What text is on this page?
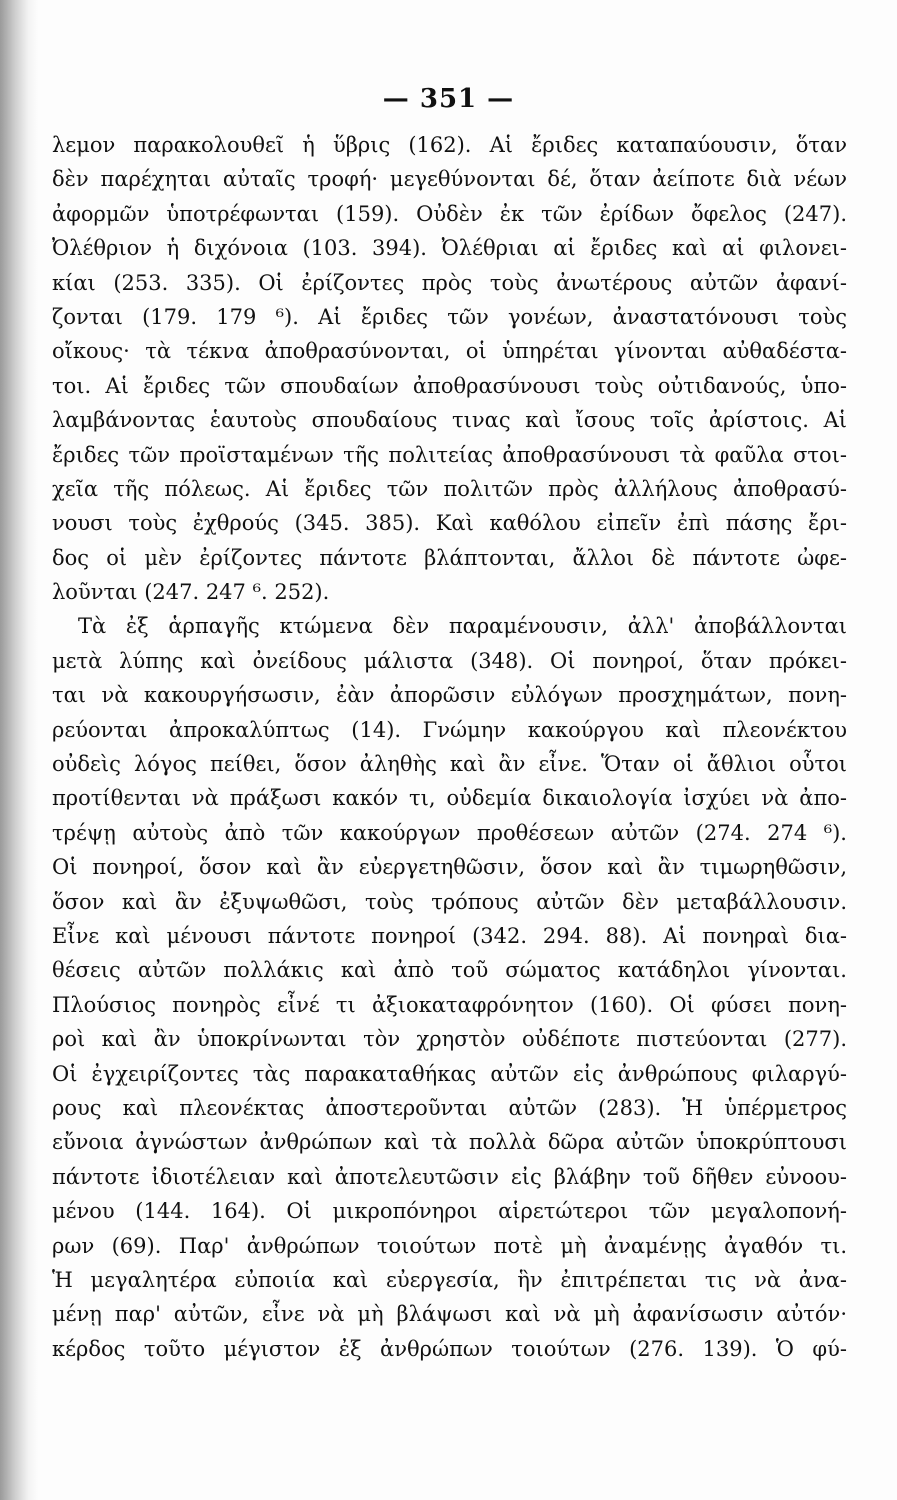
— 351 —
λεμον παρακολουθεῖ ἡ ὕβρις (162). Αἱ ἔριδες καταπαύουσιν, ὅταν
δὲν παρέχηται αὐταῖς τροφή· μεγεθύνονται δέ, ὅταν ἀείποτε διὰ νέων
ἀφορμῶν ὑποτρέφωνται (159). Οὐδὲν ἐκ τῶν ἐρίδων ὄφελος (247).
Ὀλέθριον ἡ διχόνοια (103. 394). Ὀλέθριαι αἱ ἔριδες καὶ αἱ φιλονει-
κίαι (253. 335). Οἱ ἐρίζοντες πρὸς τοὺς ἀνωτέρους αὐτῶν ἀφανί-
ζονται (179. 179 ⁶). Αἱ ἔριδες τῶν γονέων, ἀναστατόνουσι τοὺς
οἴκους· τὰ τέκνα ἀποθρασύνονται, οἱ ὑπηρέται γίνονται αὐθαδέστα-
τοι. Αἱ ἔριδες τῶν σπουδαίων ἀποθρασύνουσι τοὺς οὐτιδανούς, ὑπο-
λαμβάνοντας ἑαυτοὺς σπουδαίους τινας καὶ ἴσους τοῖς ἀρίστοις. Αἱ
ἔριδες τῶν προϊσταμένων τῆς πολιτείας ἀποθρασύνουσι τὰ φαῦλα στοι-
χεῖα τῆς πόλεως. Αἱ ἔριδες τῶν πολιτῶν πρὸς ἀλλήλους ἀποθρασύ-
νουσι τοὺς ἐχθρούς (345. 385). Καὶ καθόλου εἰπεῖν ἐπὶ πάσης ἔρι-
δος οἱ μὲν ἐρίζοντες πάντοτε βλάπτονται, ἄλλοι δὲ πάντοτε ὠφε-
λοῦνται (247. 247 ⁶. 252).
Τὰ ἐξ ἁρπαγῆς κτώμενα δὲν παραμένουσιν, ἀλλ' ἀποβάλλονται
μετὰ λύπης καὶ ὀνείδους μάλιστα (348). Οἱ πονηροί, ὅταν πρόκει-
ται νὰ κακουργήσωσιν, ἐὰν ἀπορῶσιν εὐλόγων προσχημάτων, πονη-
ρεύονται ἀπροκαλύπτως (14). Γνώμην κακούργου καὶ πλεονέκτου
οὐδεὶς λόγος πείθει, ὅσον ἀληθὴς καὶ ἂν εἶνε. Ὅταν οἱ ἄθλιοι οὗτοι
προτίθενται νὰ πράξωσι κακόν τι, οὐδεμία δικαιολογία ἰσχύει νὰ ἀπο-
τρέψῃ αὐτοὺς ἀπὸ τῶν κακούργων προθέσεων αὐτῶν (274. 274 ⁶).
Οἱ πονηροί, ὅσον καὶ ἂν εὐεργετηθῶσιν, ὅσον καὶ ἂν τιμωρηθῶσιν,
ὅσον καὶ ἂν ἐξυψωθῶσι, τοὺς τρόπους αὐτῶν δὲν μεταβάλλουσιν.
Εἶνε καὶ μένουσι πάντοτε πονηροί (342. 294. 88). Αἱ πονηραὶ δια-
θέσεις αὐτῶν πολλάκις καὶ ἀπὸ τοῦ σώματος κατάδηλοι γίνονται.
Πλούσιος πονηρὸς εἶνέ τι ἀξιοκαταφρόνητον (160). Οἱ φύσει πονη-
ροὶ καὶ ἂν ὑποκρίνωνται τὸν χρηστὸν οὐδέποτε πιστεύονται (277).
Οἱ ἐγχειρίζοντες τὰς παρακαταθήκας αὐτῶν εἰς ἀνθρώπους φιλαργύ-
ρους καὶ πλεονέκτας ἀποστεροῦνται αὐτῶν (283). Ἡ ὑπέρμετρος
εὔνοια ἀγνώστων ἀνθρώπων καὶ τὰ πολλὰ δῶρα αὐτῶν ὑποκρύπτουσι
πάντοτε ἰδιοτέλειαν καὶ ἀποτελευτῶσιν εἰς βλάβην τοῦ δῆθεν εὐνοου-
μένου (144. 164). Οἱ μικροπόνηροι αἱρετώτεροι τῶν μεγαλοπονή-
ρων (69). Παρ' ἀνθρώπων τοιούτων ποτὲ μὴ ἀναμένῃς ἀγαθόν τι.
Ἡ μεγαλητέρα εὐποιία καὶ εὐεργεσία, ἣν ἐπιτρέπεται τις νὰ ἀνα-
μένῃ παρ' αὐτῶν, εἶνε νὰ μὴ βλάψωσι καὶ νὰ μὴ ἀφανίσωσιν αὐτόν·
κέρδος τοῦτο μέγιστον ἐξ ἀνθρώπων τοιούτων (276. 139). Ὁ φύ-
